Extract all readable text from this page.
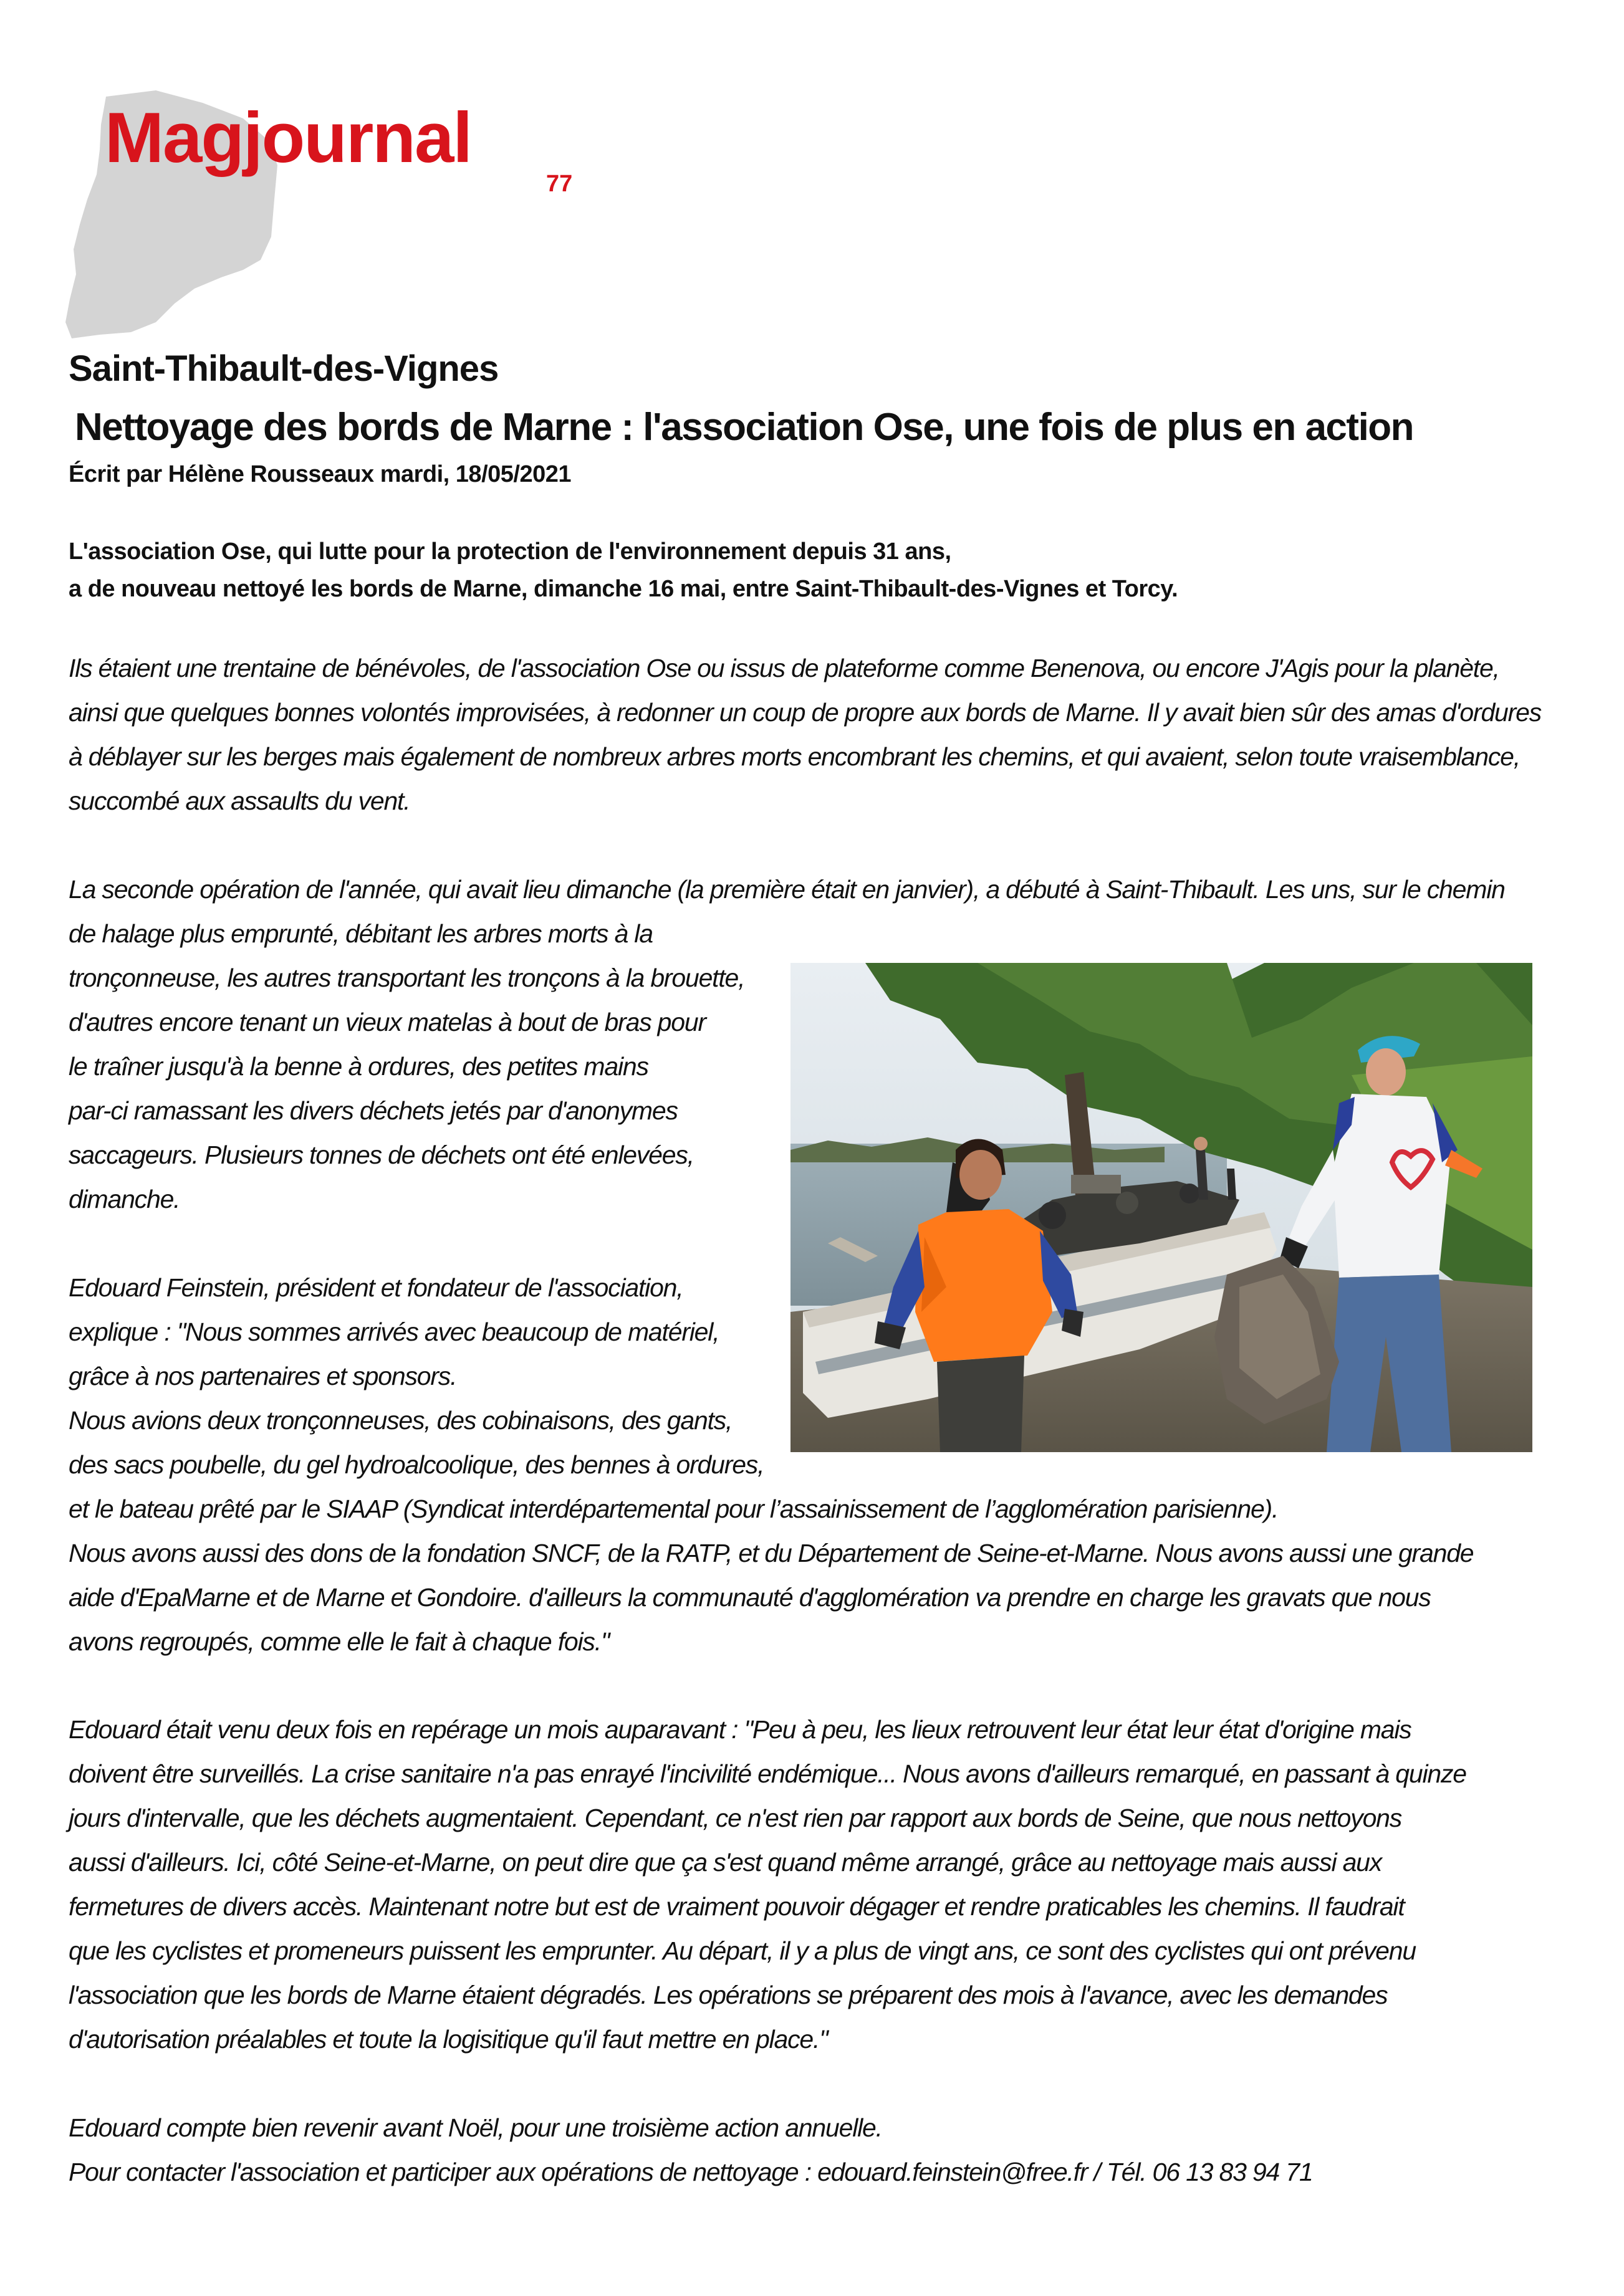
Magjournal
77
Saint-Thibault-des-Vignes
Nettoyage des bords de Marne : l'association Ose, une fois de plus en action
Écrit par Hélène Rousseaux mardi, 18/05/2021
L'association Ose, qui lutte pour la protection de l'environnement depuis 31 ans,
a de nouveau nettoyé les bords de Marne, dimanche 16 mai, entre Saint-Thibault-des-Vignes et Torcy.
Ils étaient une trentaine de bénévoles, de l'association Ose ou issus de plateforme comme Benenova, ou encore J'Agis pour la planète,
ainsi que quelques bonnes volontés improvisées, à redonner un coup de propre aux bords de Marne. Il y avait bien sûr des amas d'ordures
à déblayer sur les berges mais également de nombreux arbres morts encombrant les chemins, et qui avaient, selon toute vraisemblance,
succombé aux assaults du vent.
La seconde opération de l'année, qui avait lieu dimanche (la première était en janvier), a débuté à Saint-Thibault. Les uns, sur le chemin
de halage plus emprunté, débitant les arbres morts à la
tronçonneuse, les autres transportant les tronçons à la brouette,
d'autres encore tenant un vieux matelas à bout de bras pour
le traîner jusqu'à la benne à ordures, des petites mains
par-ci ramassant les divers déchets jetés par d'anonymes
saccageurs. Plusieurs tonnes de déchets ont été enlevées,
dimanche.
Edouard Feinstein, président et fondateur de l'association,
explique : "Nous sommes arrivés avec beaucoup de matériel,
grâce à nos partenaires et sponsors.
Nous avions deux tronçonneuses, des cobinaisons, des gants,
des sacs poubelle, du gel hydroalcoolique, des bennes à ordures,
et le bateau prêté par le SIAAP (Syndicat interdépartemental pour l’assainissement de l’agglomération parisienne).
Nous avons aussi des dons de la fondation SNCF, de la RATP, et du Département de Seine-et-Marne. Nous avons aussi une grande
aide d'EpaMarne et de Marne et Gondoire. d'ailleurs la communauté d'agglomération va prendre en charge les gravats que nous
avons regroupés, comme elle le fait à chaque fois."
Edouard était venu deux fois en repérage un mois auparavant : "Peu à peu, les lieux retrouvent leur état leur état d'origine mais
doivent être surveillés. La crise sanitaire n'a pas enrayé l'incivilité endémique... Nous avons d'ailleurs remarqué, en passant à quinze
jours d'intervalle, que les déchets augmentaient. Cependant, ce n'est rien par rapport aux bords de Seine, que nous nettoyons
aussi d'ailleurs. Ici, côté Seine-et-Marne, on peut dire que ça s'est quand même arrangé, grâce au nettoyage mais aussi aux
fermetures de divers accès. Maintenant notre but est de vraiment pouvoir dégager et rendre praticables les chemins. Il faudrait
que les cyclistes et promeneurs puissent les emprunter. Au départ, il y a plus de vingt ans, ce sont des cyclistes qui ont prévenu
l'association que les bords de Marne étaient dégradés. Les opérations se préparent des mois à l'avance, avec les demandes
d'autorisation préalables et toute la logisitique qu'il faut mettre en place."
Edouard compte bien revenir avant Noël, pour une troisième action annuelle.
Pour contacter l'association et participer aux opérations de nettoyage : edouard.feinstein@free.fr / Tél. 06 13 83 94 71
